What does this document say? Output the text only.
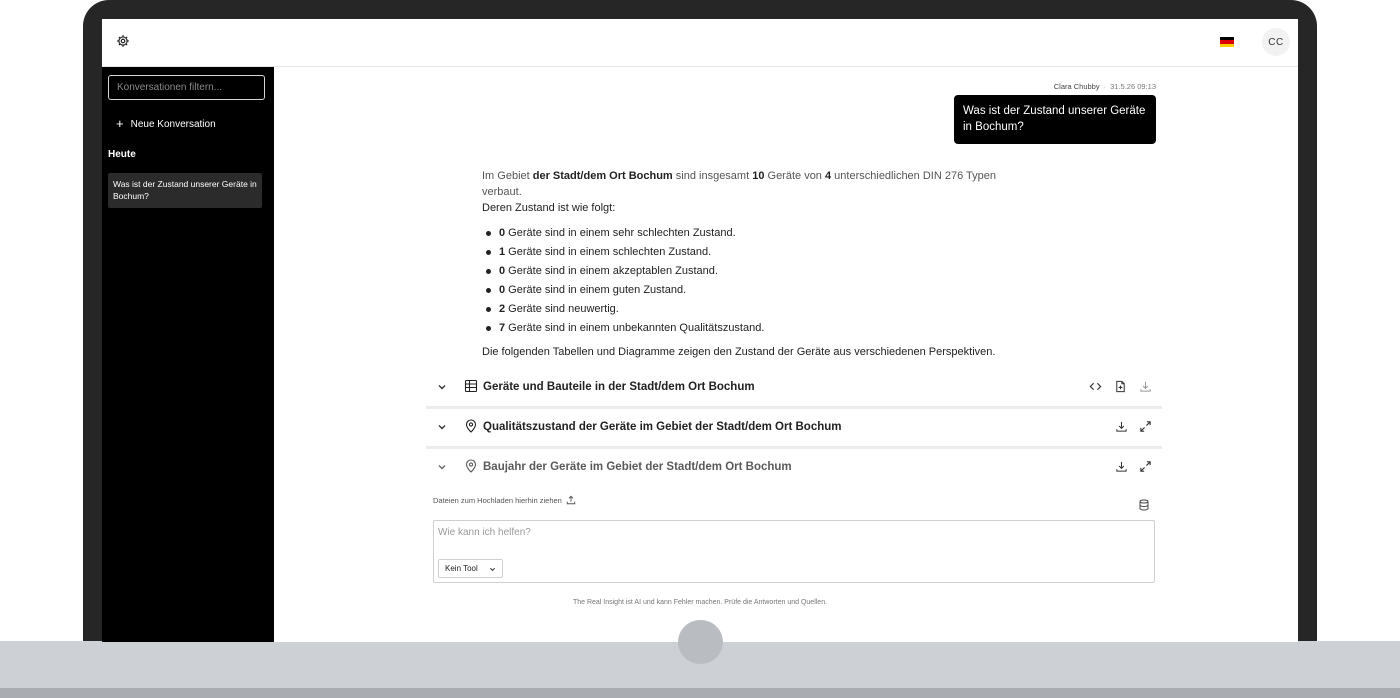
CC
Konversationen filtern...
+ Neue Konversation
Heute
Was ist der Zustand unserer Geräte in Bochum?
Clara Chubby · 31.5.26 09:13
Was ist der Zustand unserer Geräte in Bochum?
Im Gebiet der Stadt/dem Ort Bochum sind insgesamt 10 Geräte von 4 unterschiedlichen DIN 276 Typen verbaut.
Deren Zustand ist wie folgt:
0 Geräte sind in einem sehr schlechten Zustand.
1 Geräte sind in einem schlechten Zustand.
0 Geräte sind in einem akzeptablen Zustand.
0 Geräte sind in einem guten Zustand.
2 Geräte sind neuwertig.
7 Geräte sind in einem unbekannten Qualitätszustand.
Die folgenden Tabellen und Diagramme zeigen den Zustand der Geräte aus verschiedenen Perspektiven.
Geräte und Bauteile in der Stadt/dem Ort Bochum
Qualitätszustand der Geräte im Gebiet der Stadt/dem Ort Bochum
Baujahr der Geräte im Gebiet der Stadt/dem Ort Bochum
Dateien zum Hochladen hierhin ziehen
Wie kann ich helfen?
Kein Tool
The Real Insight ist AI und kann Fehler machen. Prüfe die Antworten und Quellen.
